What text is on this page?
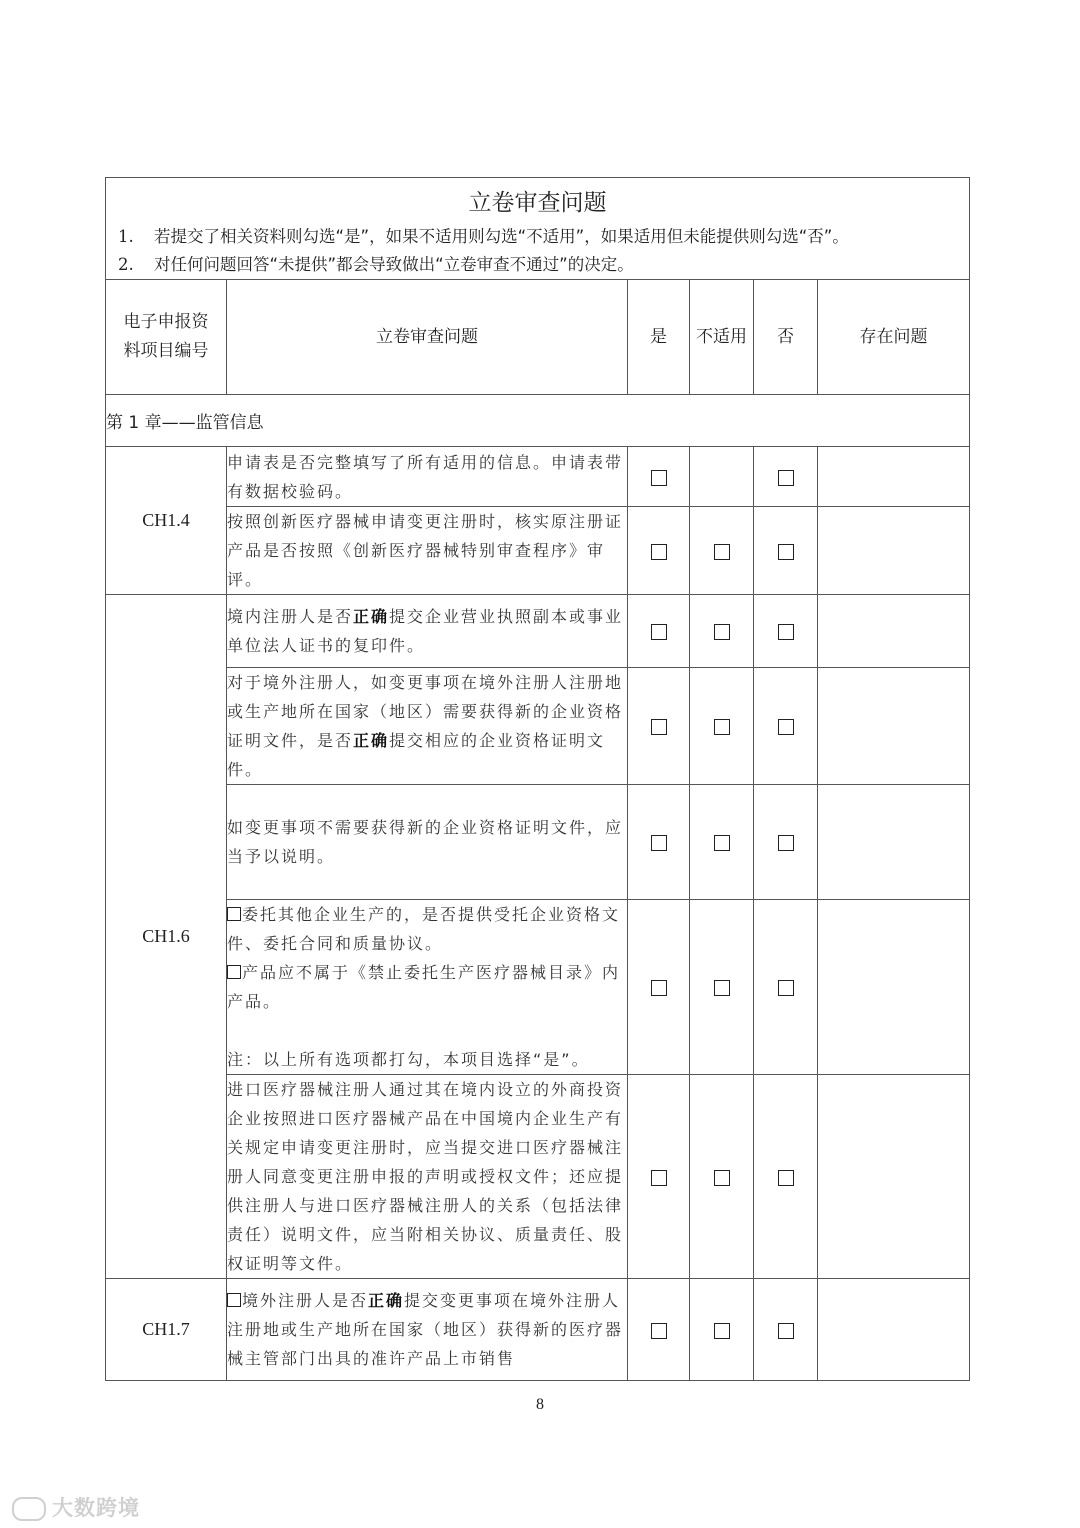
立卷审查问题
1. 若提交了相关资料则勾选“是”，如果不适用则勾选“不适用”，如果适用但未能提供则勾选“否”。
2. 对任何问题回答“未提供”都会导致做出“立卷审查不通过”的决定。					

电子申报资
料项目编号	立卷审查问题	是	不适用	否	存在问题
第 1 章——监管信息					
CH1.4	申请表是否完整填写了所有适用的信息。申请表带有数据校验码。				
	按照创新医疗器械申请变更注册时，核实原注册证产品是否按照《创新医疗器械特别审查程序》审评。				
CH1.6	境内注册人是否正确提交企业营业执照副本或事业单位法人证书的复印件。				
	对于境外注册人，如变更事项在境外注册人注册地或生产地所在国家（地区）需要获得新的企业资格证明文件，是否正确提交相应的企业资格证明文件。				
	如变更事项不需要获得新的企业资格证明文件，应当予以说明。				

	委托其他企业生产的，是否提供受托企业资格文件、委托合同和质量协议。
产品应不属于《禁止委托生产医疗器械目录》内产品。
注：以上所有选项都打勾，本项目选择“是”。				

	进口医疗器械注册人通过其在境内设立的外商投资企业按照进口医疗器械产品在中国境内企业生产有关规定申请变更注册时，应当提交进口医疗器械注册人同意变更注册申报的声明或授权文件；还应提供注册人与进口医疗器械注册人的关系（包括法律责任）说明文件，应当附相关协议、质量责任、股权证明等文件。				
CH1.7	境外注册人是否正确提交变更事项在境外注册人注册地或生产地所在国家（地区）获得新的医疗器械主管部门出具的准许产品上市销售				
8
大数跨境
